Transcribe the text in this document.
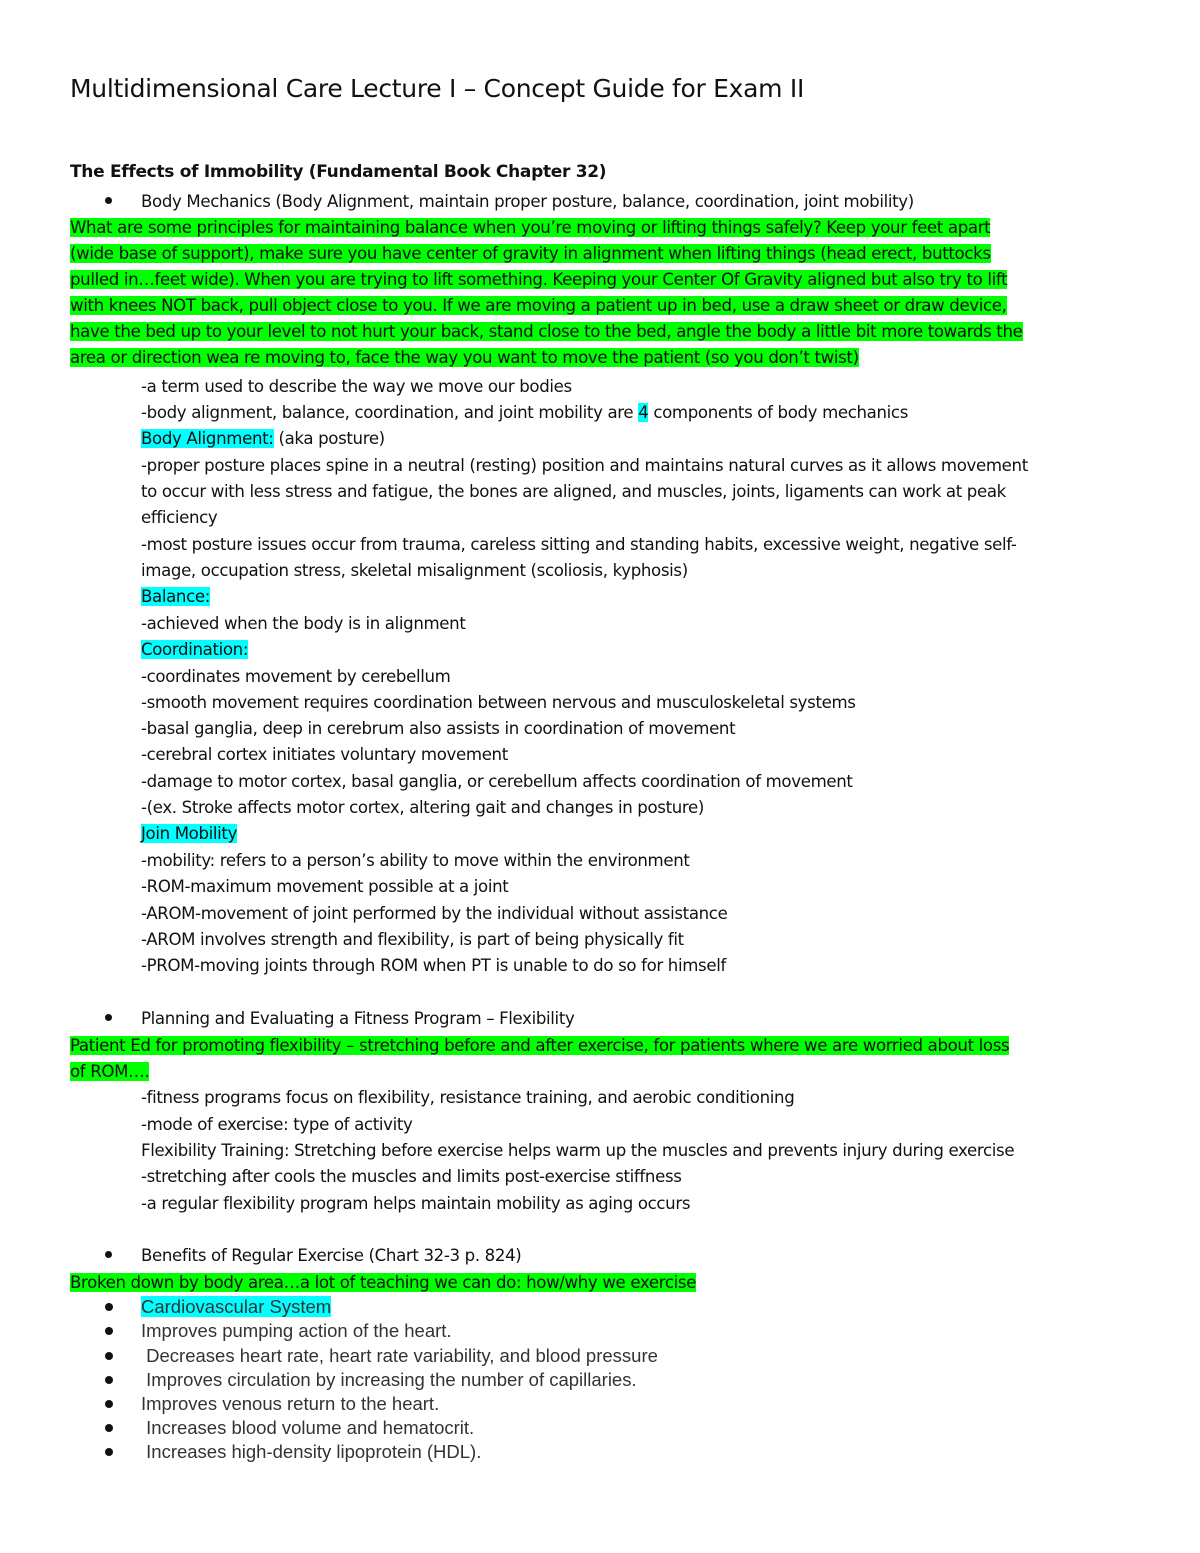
Multidimensional Care Lecture I – Concept Guide for Exam II
The Effects of Immobility (Fundamental Book Chapter 32)
Body Mechanics (Body Alignment, maintain proper posture, balance, coordination, joint mobility)
What are some principles for maintaining balance when you’re moving or lifting things safely? Keep your feet apart
(wide base of support), make sure you have center of gravity in alignment when lifting things (head erect, buttocks
pulled in…feet wide). When you are trying to lift something. Keeping your Center Of Gravity aligned but also try to lift
with knees NOT back, pull object close to you. If we are moving a patient up in bed, use a draw sheet or draw device,
have the bed up to your level to not hurt your back, stand close to the bed, angle the body a little bit more towards the
area or direction wea re moving to, face the way you want to move the patient (so you don’t twist)
-a term used to describe the way we move our bodies
-body alignment, balance, coordination, and joint mobility are 4 components of body mechanics
Body Alignment: (aka posture)
-proper posture places spine in a neutral (resting) position and maintains natural curves as it allows movement
to occur with less stress and fatigue, the bones are aligned, and muscles, joints, ligaments can work at peak
efficiency
-most posture issues occur from trauma, careless sitting and standing habits, excessive weight, negative self-
image, occupation stress, skeletal misalignment (scoliosis, kyphosis)
Balance:
-achieved when the body is in alignment
Coordination:
-coordinates movement by cerebellum
-smooth movement requires coordination between nervous and musculoskeletal systems
-basal ganglia, deep in cerebrum also assists in coordination of movement
-cerebral cortex initiates voluntary movement
-damage to motor cortex, basal ganglia, or cerebellum affects coordination of movement
-(ex. Stroke affects motor cortex, altering gait and changes in posture)
Join Mobility
-mobility: refers to a person’s ability to move within the environment
-ROM-maximum movement possible at a joint
-AROM-movement of joint performed by the individual without assistance
-AROM involves strength and flexibility, is part of being physically fit
-PROM-moving joints through ROM when PT is unable to do so for himself
Planning and Evaluating a Fitness Program – Flexibility
Patient Ed for promoting flexibility – stretching before and after exercise, for patients where we are worried about loss
of ROM….
-fitness programs focus on flexibility, resistance training, and aerobic conditioning
-mode of exercise: type of activity
Flexibility Training: Stretching before exercise helps warm up the muscles and prevents injury during exercise
-stretching after cools the muscles and limits post-exercise stiffness
-a regular flexibility program helps maintain mobility as aging occurs
Benefits of Regular Exercise (Chart 32-3 p. 824)
Broken down by body area…a lot of teaching we can do: how/why we exercise
Cardiovascular System
Improves pumping action of the heart.
Decreases heart rate, heart rate variability, and blood pressure
Improves circulation by increasing the number of capillaries.
Improves venous return to the heart.
Increases blood volume and hematocrit.
Increases high-density lipoprotein (HDL).
